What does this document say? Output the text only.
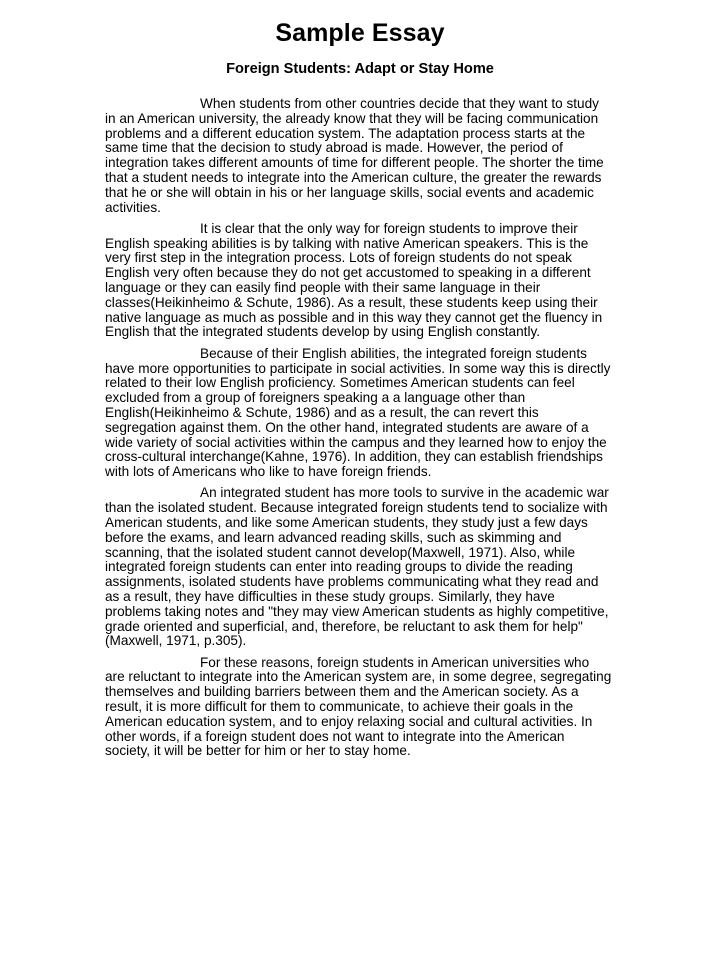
Sample Essay
Foreign Students: Adapt or Stay Home

When students from other countries decide that they want to study in an American university, the already know that they will be facing communication problems and a different education system. The adaptation process starts at the same time that the decision to study abroad is made. However, the period of integration takes different amounts of time for different people. The shorter the time that a student needs to integrate into the American culture, the greater the rewards that he or she will obtain in his or her language skills, social events and academic activities.

It is clear that the only way for foreign students to improve their English speaking abilities is by talking with native American speakers. This is the very first step in the integration process. Lots of foreign students do not speak English very often because they do not get accustomed to speaking in a different language or they can easily find people with their same language in their classes(Heikinheimo & Schute, 1986). As a result, these students keep using their native language as much as possible and in this way they cannot get the fluency in English that the integrated students develop by using English constantly.

Because of their English abilities, the integrated foreign students have more opportunities to participate in social activities. In some way this is directly related to their low English proficiency. Sometimes American students can feel excluded from a group of foreigners speaking a a language other than English(Heikinheimo & Schute, 1986) and as a result, the can revert this segregation against them. On the other hand, integrated students are aware of a wide variety of social activities within the campus and they learned how to enjoy the cross-cultural interchange(Kahne, 1976). In addition, they can establish friendships with lots of Americans who like to have foreign friends.

An integrated student has more tools to survive in the academic war than the isolated student. Because integrated foreign students tend to socialize with American students, and like some American students, they study just a few days before the exams, and learn advanced reading skills, such as skimming and scanning, that the isolated student cannot develop(Maxwell, 1971). Also, while integrated foreign students can enter into reading groups to divide the reading assignments, isolated students have problems communicating what they read and as a result, they have difficulties in these study groups. Similarly, they have problems taking notes and "they may view American students as highly competitive, grade oriented and superficial, and, therefore, be reluctant to ask them for help"(Maxwell, 1971, p.305).

For these reasons, foreign students in American universities who are reluctant to integrate into the American system are, in some degree, segregating themselves and building barriers between them and the American society. As a result, it is more difficult for them to communicate, to achieve their goals in the American education system, and to enjoy relaxing social and cultural activities. In other words, if a foreign student does not want to integrate into the American society, it will be better for him or her to stay home.
